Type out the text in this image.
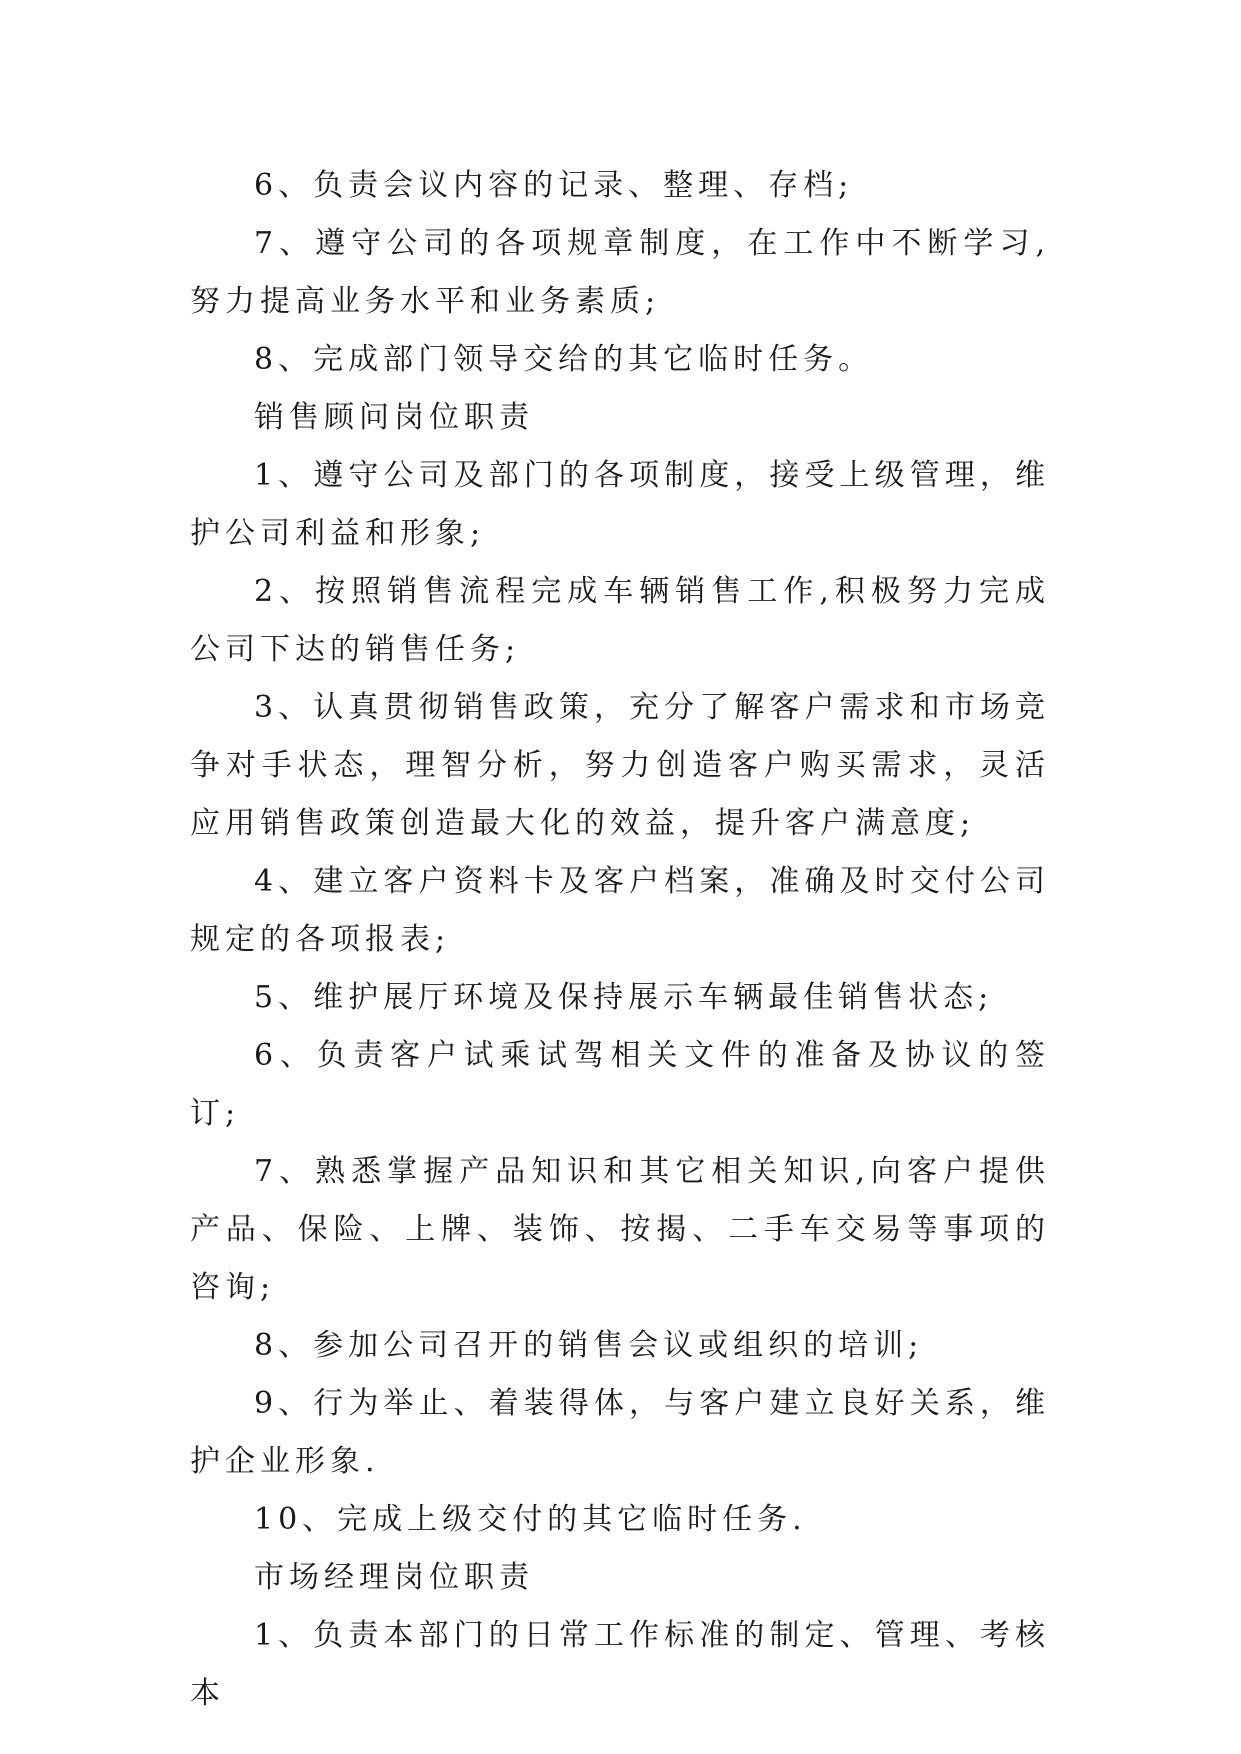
6、负责会议内容的记录、整理、存档;

7、遵守公司的各项规章制度，在工作中不断学习,努力提高业务水平和业务素质;

8、完成部门领导交给的其它临时任务。

销售顾问岗位职责

1、遵守公司及部门的各项制度，接受上级管理，维护公司利益和形象;

2、按照销售流程完成车辆销售工作,积极努力完成公司下达的销售任务;

3、认真贯彻销售政策，充分了解客户需求和市场竞争对手状态，理智分析，努力创造客户购买需求，灵活应用销售政策创造最大化的效益，提升客户满意度;

4、建立客户资料卡及客户档案，准确及时交付公司规定的各项报表;

5、维护展厅环境及保持展示车辆最佳销售状态;

6、负责客户试乘试驾相关文件的准备及协议的签订;

7、熟悉掌握产品知识和其它相关知识,向客户提供产品、保险、上牌、装饰、按揭、二手车交易等事项的咨询;

8、参加公司召开的销售会议或组织的培训;

9、行为举止、着装得体，与客户建立良好关系，维护企业形象.

10、完成上级交付的其它临时任务.

市场经理岗位职责

1、负责本部门的日常工作标准的制定、管理、考核本
